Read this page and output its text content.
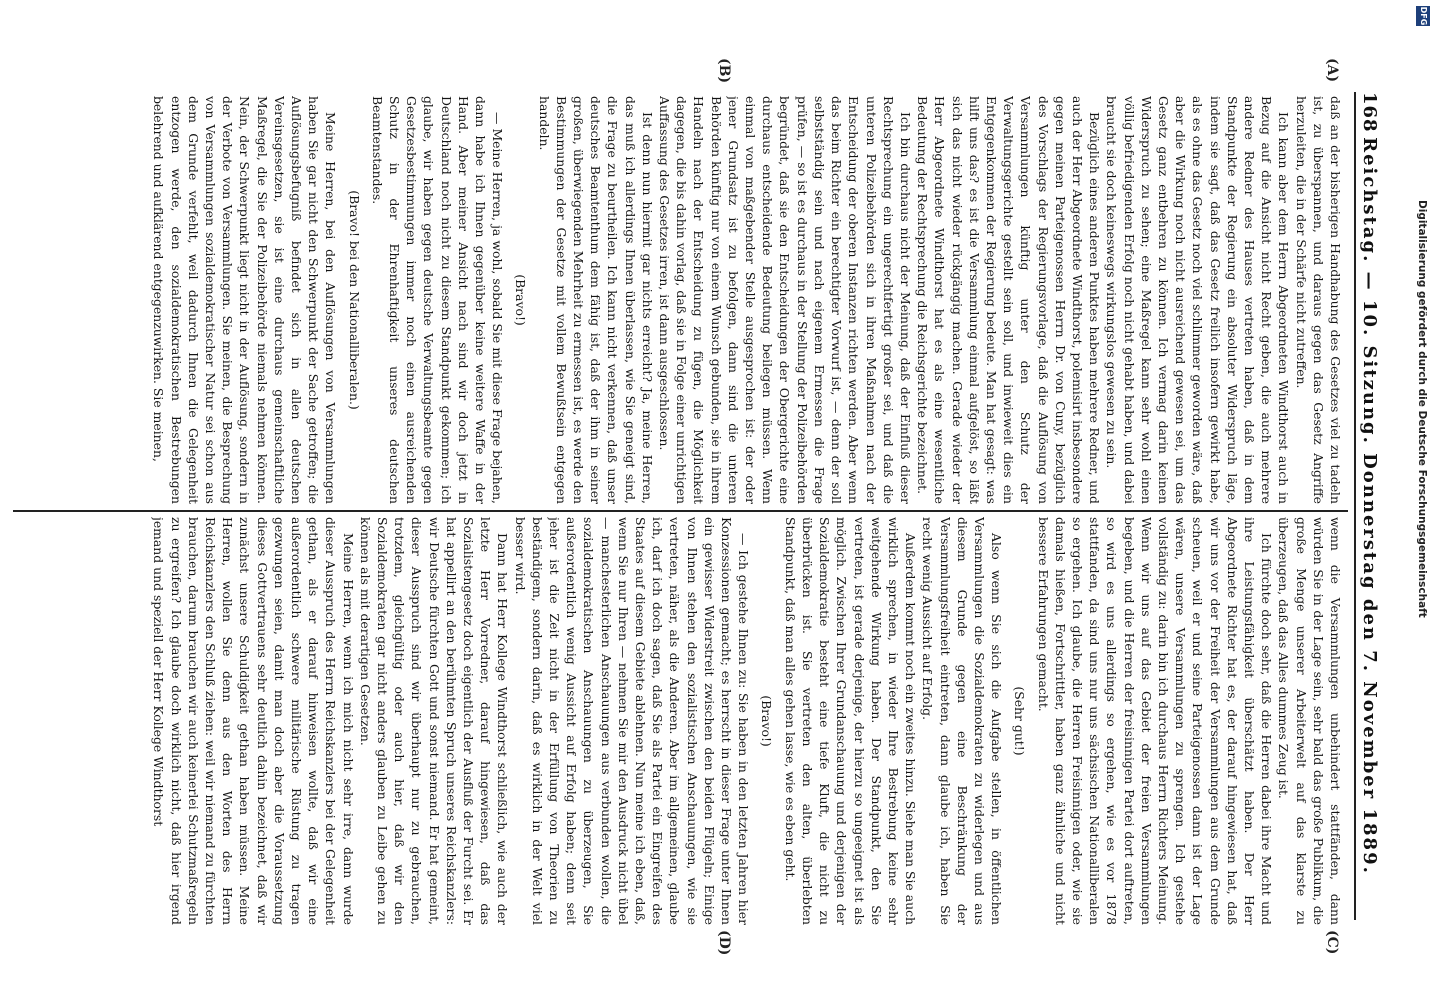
DFG
Digitalisierung gefördert durch die Deutsche Forschungsgemeinschaft
168
Reichstag. — 10. Sitzung. Donnerstag den 7. November 1889.
(A)
(B)
(C)
(D)

daß an der bisherigen Handhabung des Gesetzes viel zu tadeln ist, zu überspannen, und daraus gegen das Gesetz Angriffe herzuleiten, die in der Schärfe nicht zutreffen.

Ich kann aber dem Herrn Abgeordneten Windthorst auch in Bezug auf die Ansicht nicht Recht geben, die auch mehrere andere Redner des Hauses vertreten haben, daß in dem Standpunkte der Regierung ein absoluter Widerspruch läge, indem sie sagt, daß das Gesetz freilich insofern gewirkt habe, als es ohne das Gesetz noch viel schlimmer geworden wäre, daß aber die Wirkung noch nicht ausreichend gewesen sei, um das Gesetz ganz entbehren zu können. Ich vermag darin keinen Widerspruch zu sehen; eine Maßregel kann sehr wohl einen völlig befriedigenden Erfolg noch nicht gehabt haben, und dabei braucht sie doch keineswegs wirkungslos gewesen zu sein.

Bezüglich eines anderen Punktes haben mehrere Redner, und auch der Herr Abgeordnete Windthorst, polemisirt insbesondere gegen meinen Parteigenossen Herrn Dr. von Cuny, bezüglich des Vorschlags der Regierungsvorlage, daß die Auflösung von Versammlungen künftig unter den Schutz der Verwaltungsgerichte gestellt sein soll, und inwieweit dies ein Entgegenkommen der Regierung bedeute. Man hat gesagt: was hilft uns das? es ist die Versammlung einmal aufgelöst, so läßt sich das nicht wieder rückgängig machen. Gerade wieder der Herr Abgeordnete Windthorst hat es als eine wesentliche Bedeutung der Rechtsprechung die Reichsgerichte bezeichnet.

Ich bin durchaus nicht der Meinung, daß der Einfluß dieser Rechtsprechung ein ungerechtfertigt großer sei, und daß die unteren Polizeibehörden sich in ihren Maßnahmen nach der Entscheidung der oberen Instanzen richten werden. Aber wenn das beim Richter ein berechtigter Vorwurf ist, — denn der soll selbstständig sein und nach eigenem Ermessen die Frage prüfen, — so ist es durchaus in der Stellung der Polizeibehörden begründet, daß sie den Entscheidungen der Obergerichte eine durchaus entscheidende Bedeutung beilegen müssen. Wenn einmal von maßgebender Stelle ausgesprochen ist: der oder jener Grundsatz ist zu befolgen, dann sind die unteren Behörden künftig nur von einem Wunsch gebunden, sie in ihrem Handeln nach der Entscheidung zu fügen, die Möglichkeit dagegen, die bis dahin vorlag, daß sie in Folge einer unrichtigen Auffassung des Gesetzes irren, ist dann ausgeschlossen.

Ist denn nun hiermit gar nichts erreicht? Ja, meine Herren, das muß ich allerdings Ihnen überlassen, wie Sie geneigt sind, die Frage zu beurtheilen. Ich kann nicht verkennen, daß unser deutsches Beamtenthum dem fähig ist, daß der ihm in seiner großen, überwiegenden Mehrheit zu ermessen ist, es werde den Bestimmungen der Gesetze mit vollem Bewußtsein entgegen handeln.

(Bravo!)

— Meine Herren, ja wohl, sobald Sie mit diese Frage bejahen, dann habe ich Ihnen gegenüber keine weitere Waffe in der Hand. Aber meiner Ansicht nach sind wir doch jetzt in Deutschland noch nicht zu diesem Standpunkt gekommen; ich glaube, wir haben gegen deutsche Verwaltungsbeamte gegen Gesetzesbestimmungen immer noch einen ausreichenden Schutz in der Ehrenhaftigkeit unseres deutschen Beamtenstandes.

(Bravo! bei den Nationalliberalen.)

Meine Herren, bei den Auflösungen von Versammlungen haben Sie gar nicht den Schwerpunkt der Sache getroffen; die Auflösungsbefugniß befindet sich in allen deutschen Vereinsgesetzen, sie ist eine durchaus gemeinschaftliche Maßregel, die Sie der Polizeibehörde niemals nehmen können. Nein, der Schwerpunkt liegt nicht in der Auflösung, sondern in der Verbote von Versammlungen. Sie meinen, die Besprechung von Versammlungen sozialdemokratischer Natur sei schon aus dem Grunde verfehlt, weil dadurch Ihnen die Gelegenheit entzogen werde, den sozialdemokratischen Bestrebungen belehrend und aufklärend entgegenzuwirken. Sie meinen,

wenn die Versammlungen unbehindert stattfänden, dann würden Sie in der Lage sein, sehr bald das große Publikum, die große Menge unserer Arbeiterwelt auf das klarste zu überzeugen, daß das Alles dummes Zeug ist.

Ich fürchte doch sehr, daß die Herren dabei ihre Macht und ihre Leistungsfähigkeit überschätzt haben. Der Herr Abgeordnete Richter hat es, der darauf hingewiesen hat, daß wir uns vor der Freiheit der Versammlungen aus dem Grunde scheuen, weil er und seine Parteigenossen dann ist der Lage wären, unsere Versammlungen zu sprengen. Ich gestehe vollständig zu: darin bin ich durchaus Herrn Richters Meinung. Wenn wir uns auf das Gebiet der freien Versammlungen begeben, und die Herren der freisinnigen Partei dort auftreten, so wird es uns allerdings so ergehen, wie es vor 1878 stattfanden, da sind uns nur uns sächsischen Nationalliberalen so ergehen. Ich glaube, die Herren Freisinnigen oder, wie sie damals hießen, Fortschrittler, haben ganz ähnliche und nicht bessere Erfahrungen gemacht.

(Sehr gut!)

Also wenn Sie sich die Aufgabe stellen, in öffentlichen Versammlungen die Sozialdemokraten zu widerlegen und aus diesem Grunde gegen eine Beschränkung der Versammlungsfreiheit eintreten, dann glaube ich, haben Sie recht wenig Aussicht auf Erfolg.

Außerdem kommt noch ein zweites hinzu. Siehe man Sie auch wirklich sprechen, in wieder Ihre Bestrebung keine sehr weitgehende Wirkung haben. Der Standpunkt, den Sie vertreten, ist gerade derjenige, der hierzu so ungeeignet ist als möglich. Zwischen Ihrer Grundanschauung und derjenigen der Sozialdemokratie besteht eine tiefe Kluft, die nicht zu überbrücken ist. Sie vertreten den alten, überlebten Standpunkt, daß man alles gehen lasse, wie es eben geht.

(Bravo!)

— Ich gestehe Ihnen zu: Sie haben in den letzten Jahren hier Konzessionen gemacht; es herrscht in dieser Frage unter Ihnen ein gewisser Widerstreit zwischen den beiden Flügeln; Einige von Ihnen stehen den sozialistischen Anschauungen, wie sie vertreten, näher, als die Anderen. Aber im allgemeinen, glaube ich, darf ich doch sagen, daß Sie als Partei ein Eingreifen des Staates auf diesem Gebiete ablehnen. Nun meine ich eben, daß, wenn Sie nur Ihren — nehmen Sie mir den Ausdruck nicht übel — manchesterlichen Anschauungen aus verbunden wollen, die sozialdemokratischen Anschauungen zu überzeugen, Sie außerordentlich wenig Aussicht auf Erfolg haben; denn seit jeher ist die Zeit nicht in der Erfüllung von Theorien zu beständigem, sondern darin, daß es wirklich in der Welt viel besser wird.

Dann hat Herr Kollege Windthorst schließlich, wie auch der letzte Herr Vorredner, darauf hingewiesen, daß das Sozialistengesetz doch eigentlich der Ausfluß der Furcht sei. Er hat appellirt an den berühmten Spruch unseres Reichskanzlers: wir Deutsche fürchten Gott und sonst niemand. Er hat gemeint, dieser Ausspruch sind wir überhaupt nur zu gebrauchen, trotzdem, gleichgültig oder auch hier, daß wir den Sozialdemokraten gar nicht anders glauben zu Leibe gehen zu können als mit derartigen Gesetzen.

Meine Herren, wenn ich mich nicht sehr irre, dann wurde dieser Ausspruch des Herrn Reichskanzlers bei der Gelegenheit gethan, als er darauf hinweisen wollte, daß wir eine außerordentlich schwere militärische Rüstung zu tragen gezwungen seien, damit man doch aber die Voraussetzung dieses Gottvertrauens sehr deutlich dahin bezeichnet, daß wir zunächst unsere Schuldigkeit gethan haben müssen. Meine Herren, wollen Sie denn aus den Worten des Herrn Reichskanzlers den Schluß ziehen: weil wir niemand zu fürchten brauchen, darum brauchen wir auch keinerlei Schutzmaßregeln zu ergreifen? Ich glaube doch wirklich nicht, daß hier irgend jemand und speziell der Herr Kollege Windthorst
